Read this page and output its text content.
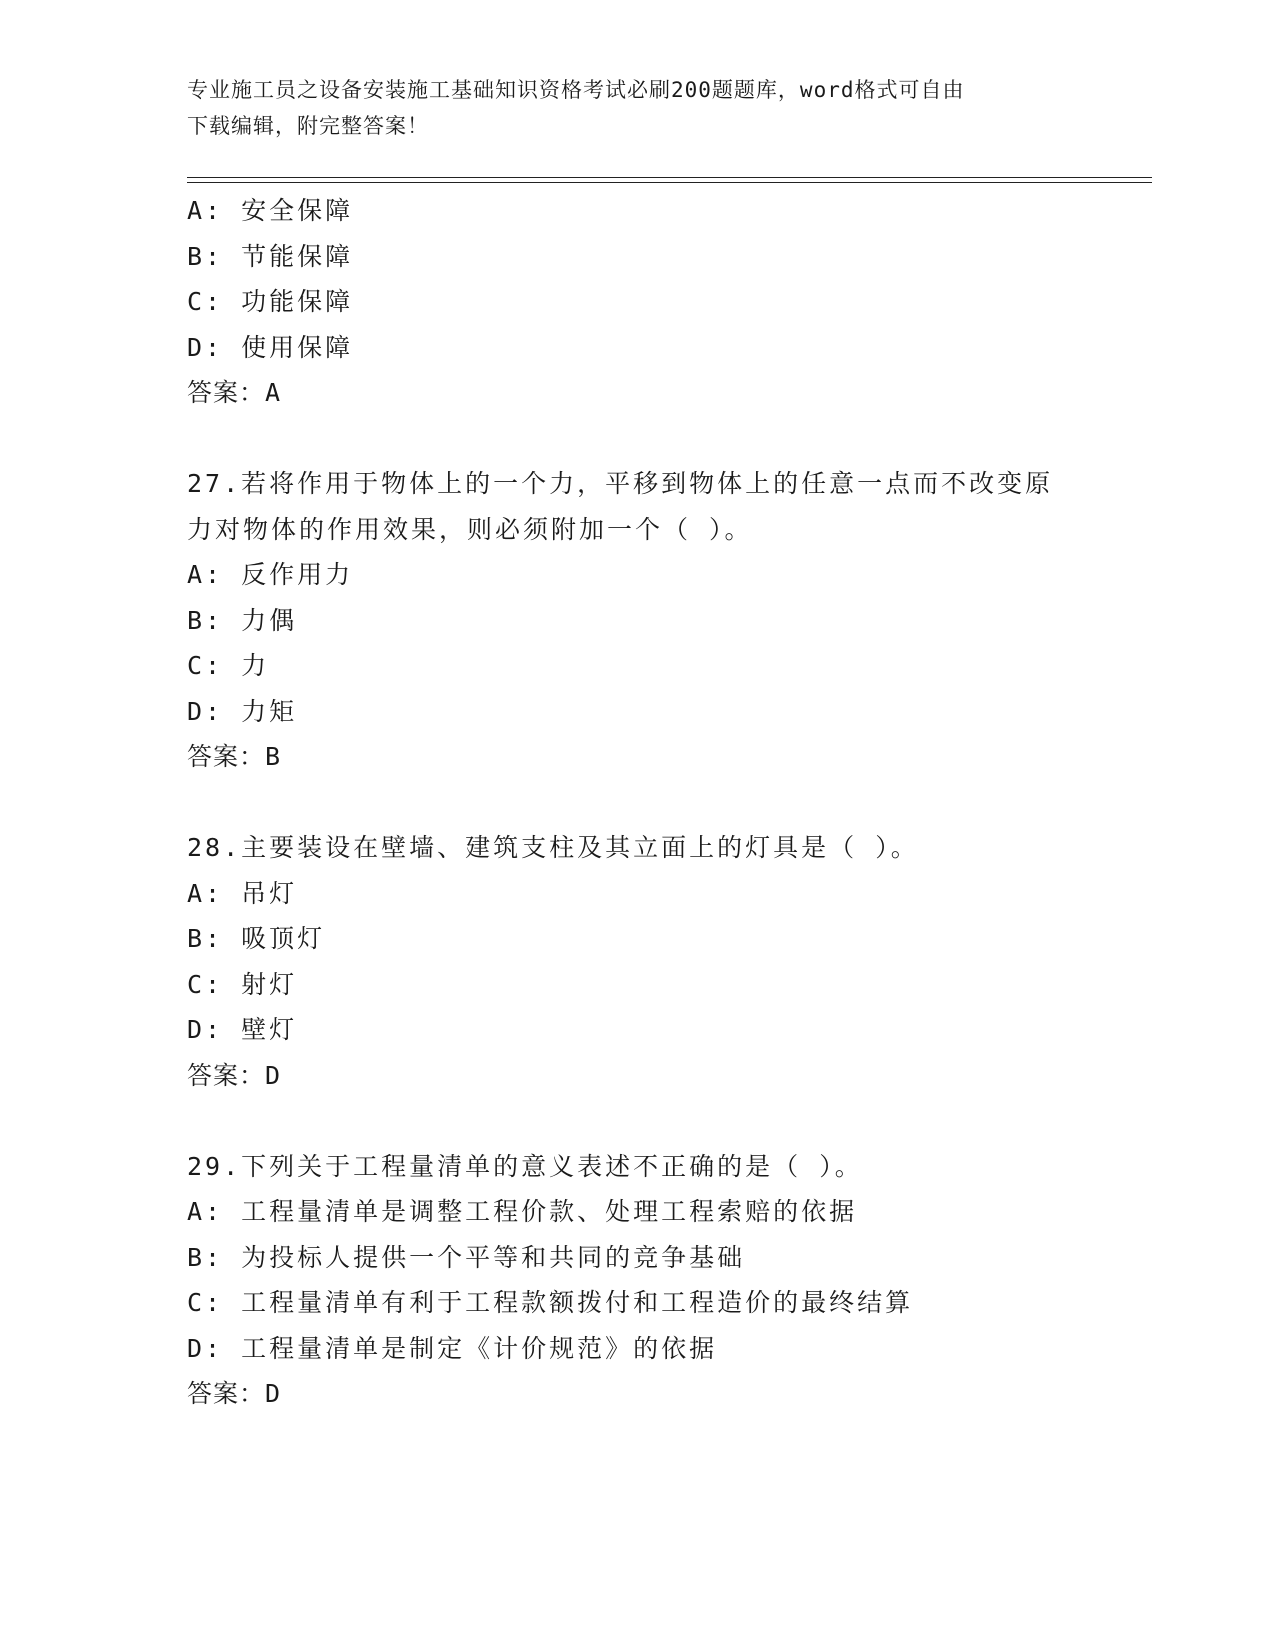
专业施工员之设备安装施工基础知识资格考试必刷200题题库，word格式可自由
下载编辑，附完整答案！
A: 安全保障
B: 节能保障
C: 功能保障
D: 使用保障
答案：A
27.若将作用于物体上的一个力，平移到物体上的任意一点而不改变原
力对物体的作用效果，则必须附加一个（ ）。
A: 反作用力
B: 力偶
C: 力
D: 力矩
答案：B
28.主要装设在壁墙、建筑支柱及其立面上的灯具是（ ）。
A: 吊灯
B: 吸顶灯
C: 射灯
D: 壁灯
答案：D
29.下列关于工程量清单的意义表述不正确的是（ ）。
A: 工程量清单是调整工程价款、处理工程索赔的依据
B: 为投标人提供一个平等和共同的竞争基础
C: 工程量清单有利于工程款额拨付和工程造价的最终结算
D: 工程量清单是制定《计价规范》的依据
答案：D
